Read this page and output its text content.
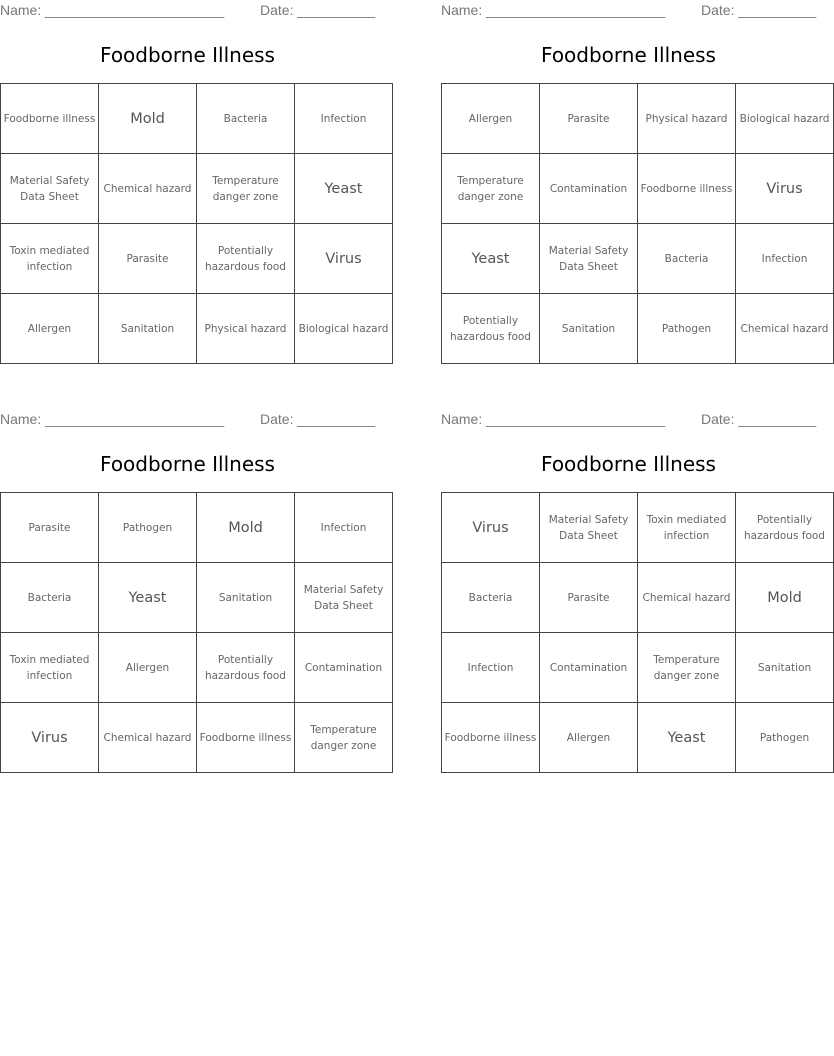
Name: _______________________	Date: __________
Foodborne Illness
Foodborne illness	Mold	Bacteria	Infection
Material Safety Data Sheet	Chemical hazard	Temperature danger zone	Yeast
Toxin mediated infection	Parasite	Potentially hazardous food	Virus
Allergen	Sanitation	Physical hazard	Biological hazard
Name: _______________________	Date: __________
Foodborne Illness
Allergen	Parasite	Physical hazard	Biological hazard
Temperature danger zone	Contamination	Foodborne illness	Virus
Yeast	Material Safety Data Sheet	Bacteria	Infection
Potentially hazardous food	Sanitation	Pathogen	Chemical hazard
Name: _______________________	Date: __________
Foodborne Illness
Parasite	Pathogen	Mold	Infection
Bacteria	Yeast	Sanitation	Material Safety Data Sheet
Toxin mediated infection	Allergen	Potentially hazardous food	Contamination
Virus	Chemical hazard	Foodborne illness	Temperature danger zone
Name: _______________________	Date: __________
Foodborne Illness
Virus	Material Safety Data Sheet	Toxin mediated infection	Potentially hazardous food
Bacteria	Parasite	Chemical hazard	Mold
Infection	Contamination	Temperature danger zone	Sanitation
Foodborne illness	Allergen	Yeast	Pathogen
